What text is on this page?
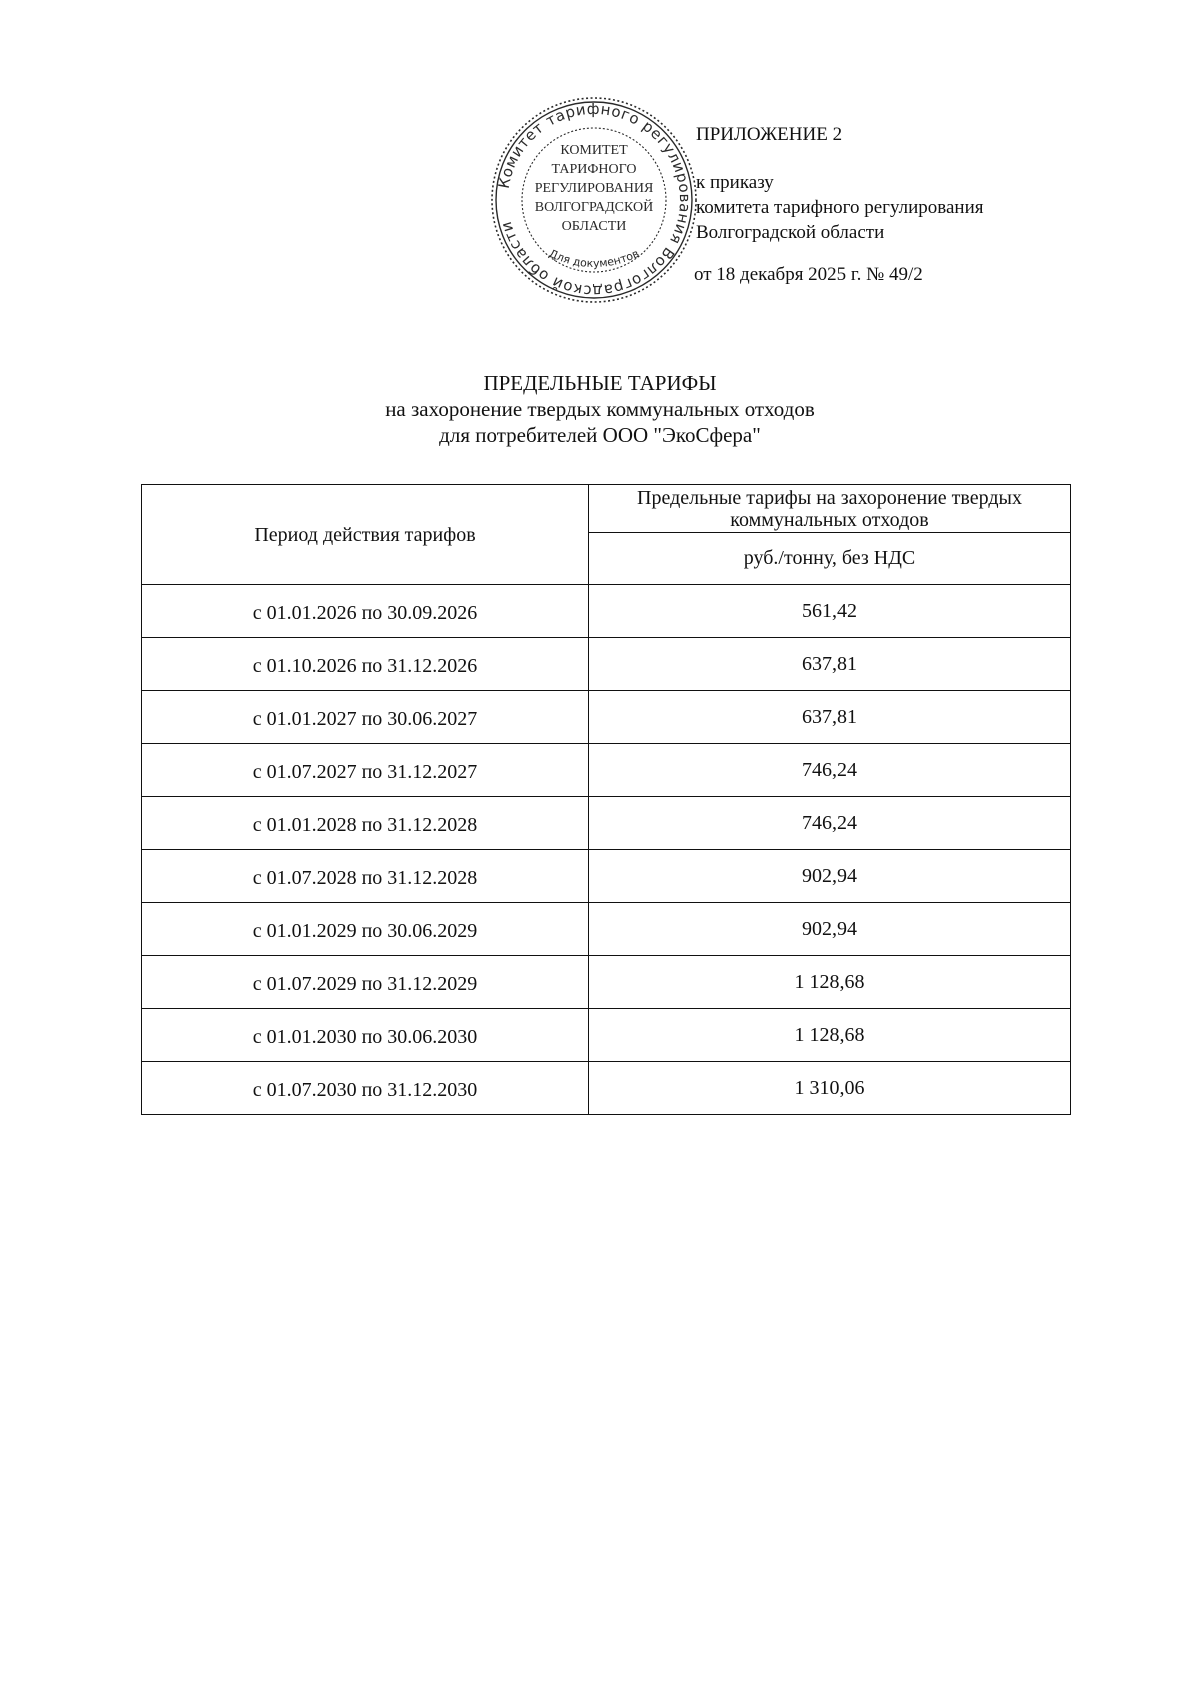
Комитет тарифного регулирования Волгоградской области
КОМИТЕТ
ТАРИФНОГО
РЕГУЛИРОВАНИЯ
ВОЛГОГРАДСКОЙ
ОБЛАСТИ
Для документов
ПРИЛОЖЕНИЕ 2
к приказу
комитета тарифного регулирования
Волгоградской области
от 18 декабря 2025 г. № 49/2
ПРЕДЕЛЬНЫЕ ТАРИФЫ
на захоронение твердых коммунальных отходов
для потребителей ООО "ЭкоСфера"
Период действия тарифов	Предельные тарифы на захоронение твердых коммунальных отходов
	руб./тонну, без НДС
с 01.01.2026 по 30.09.2026	561,42
с 01.10.2026 по 31.12.2026	637,81
с 01.01.2027 по 30.06.2027	637,81
с 01.07.2027 по 31.12.2027	746,24
с 01.01.2028 по 31.12.2028	746,24
с 01.07.2028 по 31.12.2028	902,94
с 01.01.2029 по 30.06.2029	902,94
с 01.07.2029 по 31.12.2029	1 128,68
с 01.01.2030 по 30.06.2030	1 128,68
с 01.07.2030 по 31.12.2030	1 310,06
